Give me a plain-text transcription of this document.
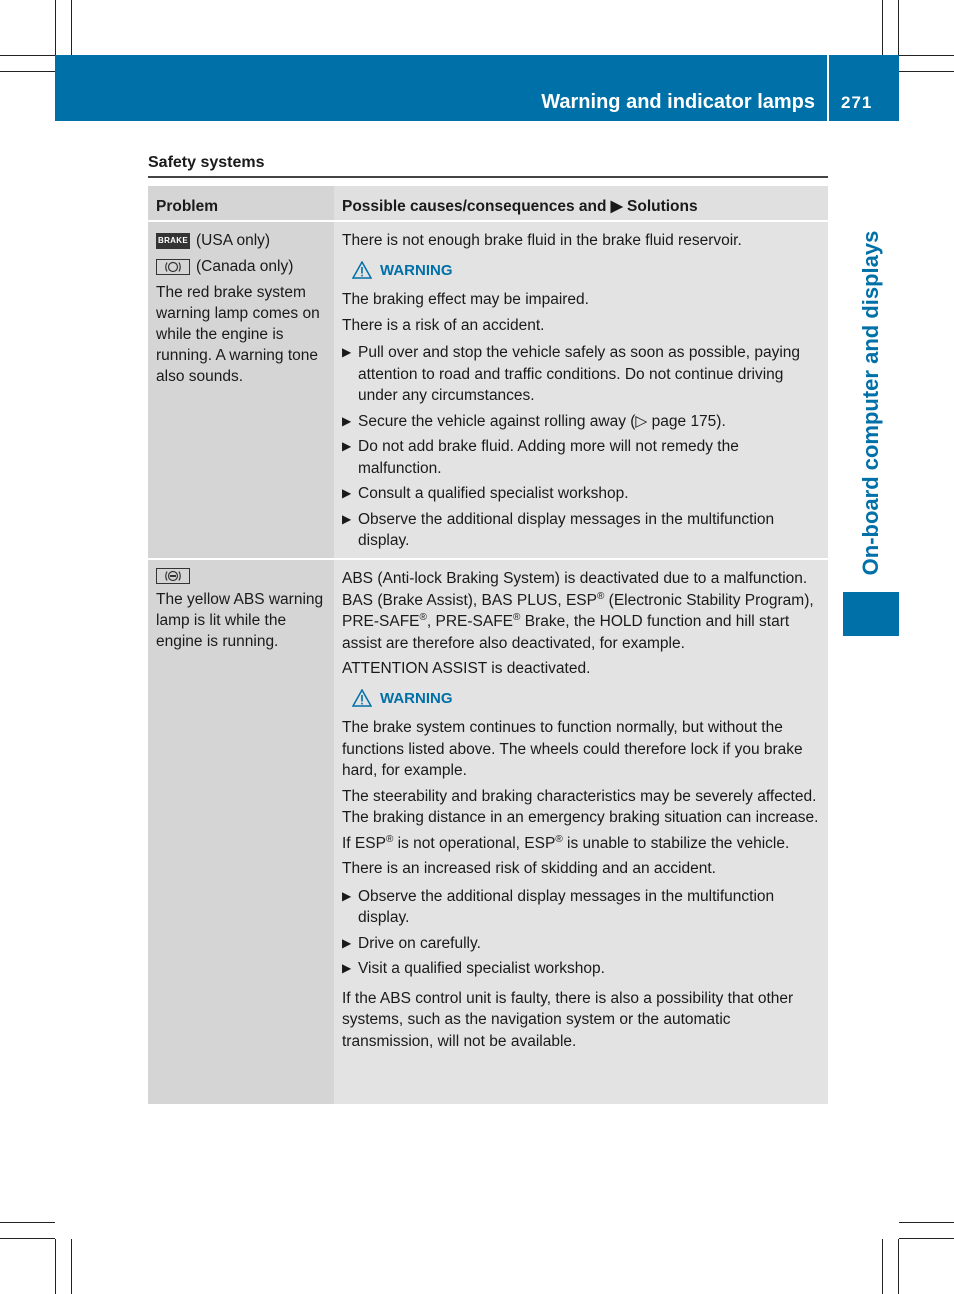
Warning and indicator lamps 271
On-board computer and displays
Safety systems
Problem	Possible causes/consequences and ▶ Solutions
BRAKE (USA only)
(Canada only)
The red brake system warning lamp comes on while the engine is running. A warning tone also sounds.

There is not enough brake fluid in the brake fluid reservoir.

WARNING

The braking effect may be impaired.

There is a risk of an accident.

▶ Pull over and stop the vehicle safely as soon as possible, paying attention to road and traffic conditions. Do not continue driving under any circumstances.
▶ Secure the vehicle against rolling away (▷ page 175).
▶ Do not add brake fluid. Adding more will not remedy the malfunction.
▶ Consult a qualified specialist workshop.
▶ Observe the additional display messages in the multifunction display.
The yellow ABS warning lamp is lit while the engine is running.

ABS (Anti-lock Braking System) is deactivated due to a malfunction. BAS (Brake Assist), BAS PLUS, ESP® (Electronic Stability Program), PRE-SAFE®, PRE-SAFE® Brake, the HOLD function and hill start assist are therefore also deactivated, for example.

ATTENTION ASSIST is deactivated.

WARNING

The brake system continues to function normally, but without the functions listed above. The wheels could therefore lock if you brake hard, for example.

The steerability and braking characteristics may be severely affected. The braking distance in an emergency braking situation can increase.

If ESP® is not operational, ESP® is unable to stabilize the vehicle.

There is an increased risk of skidding and an accident.

▶ Observe the additional display messages in the multifunction display.
▶ Drive on carefully.
▶ Visit a qualified specialist workshop.

If the ABS control unit is faulty, there is also a possibility that other systems, such as the navigation system or the automatic transmission, will not be available.
